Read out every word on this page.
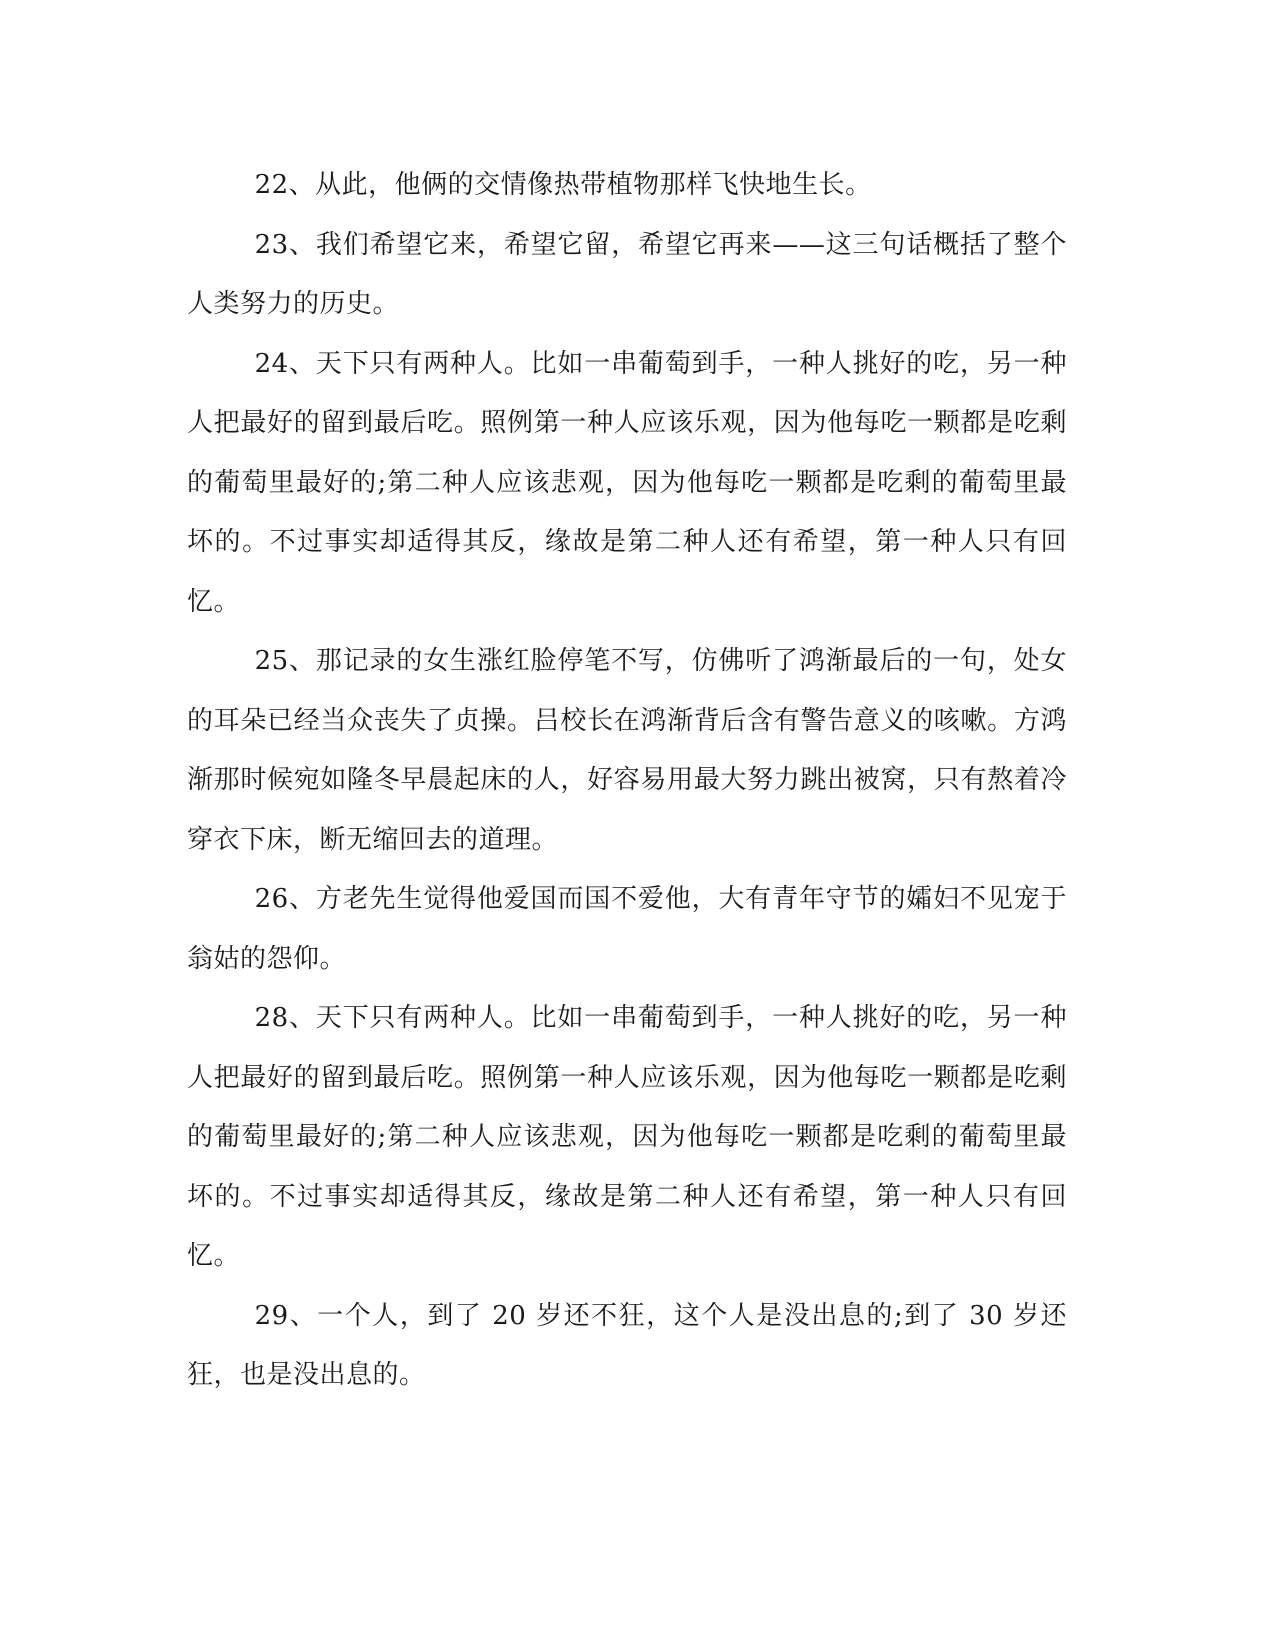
22、从此，他俩的交情像热带植物那样飞快地生长。

23、我们希望它来，希望它留，希望它再来——这三句话概括了整个人类努力的历史。

24、天下只有两种人。比如一串葡萄到手，一种人挑好的吃，另一种人把最好的留到最后吃。照例第一种人应该乐观，因为他每吃一颗都是吃剩的葡萄里最好的;第二种人应该悲观，因为他每吃一颗都是吃剩的葡萄里最坏的。不过事实却适得其反，缘故是第二种人还有希望，第一种人只有回忆。

25、那记录的女生涨红脸停笔不写，仿佛听了鸿渐最后的一句，处女的耳朵已经当众丧失了贞操。吕校长在鸿渐背后含有警告意义的咳嗽。方鸿渐那时候宛如隆冬早晨起床的人，好容易用最大努力跳出被窝，只有熬着冷穿衣下床，断无缩回去的道理。

26、方老先生觉得他爱国而国不爱他，大有青年守节的孀妇不见宠于翁姑的怨仰。

28、天下只有两种人。比如一串葡萄到手，一种人挑好的吃，另一种人把最好的留到最后吃。照例第一种人应该乐观，因为他每吃一颗都是吃剩的葡萄里最好的;第二种人应该悲观，因为他每吃一颗都是吃剩的葡萄里最坏的。不过事实却适得其反，缘故是第二种人还有希望，第一种人只有回忆。

29、一个人，到了 20 岁还不狂，这个人是没出息的;到了 30 岁还狂，也是没出息的。
